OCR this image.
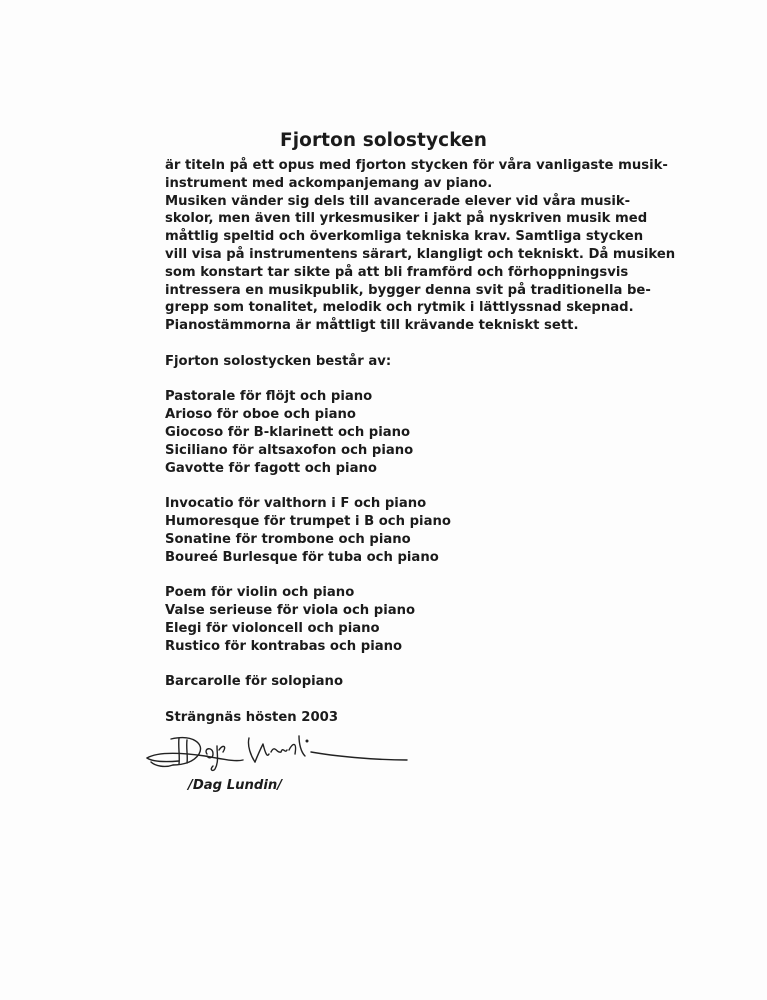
Fjorton solostycken
är titeln på ett opus med fjorton stycken för våra vanligaste musik-
instrument med ackompanjemang av piano.
Musiken vänder sig dels till avancerade elever vid våra musik-
skolor, men även till yrkesmusiker i jakt på nyskriven musik med
måttlig speltid och överkomliga tekniska krav. Samtliga stycken
vill visa på instrumentens särart, klangligt och tekniskt. Då musiken
som konstart tar sikte på att bli framförd och förhoppningsvis
intressera en musikpublik, bygger denna svit på traditionella be-
grepp som tonalitet, melodik och rytmik i lättlyssnad skepnad.
Pianostämmorna är måttligt till krävande tekniskt sett.

Fjorton solostycken består av:

Pastorale för flöjt och piano
Arioso för oboe och piano
Giocoso för B-klarinett och piano
Siciliano för altsaxofon och piano
Gavotte för fagott och piano
Invocatio för valthorn i F och piano
Humoresque för trumpet i B och piano
Sonatine för trombone och piano
Boureé Burlesque för tuba och piano
Poem för violin och piano
Valse serieuse för viola och piano
Elegi för violoncell och piano
Rustico för kontrabas och piano
Barcarolle för solopiano

Strängnäs hösten 2003

/Dag Lundin/
